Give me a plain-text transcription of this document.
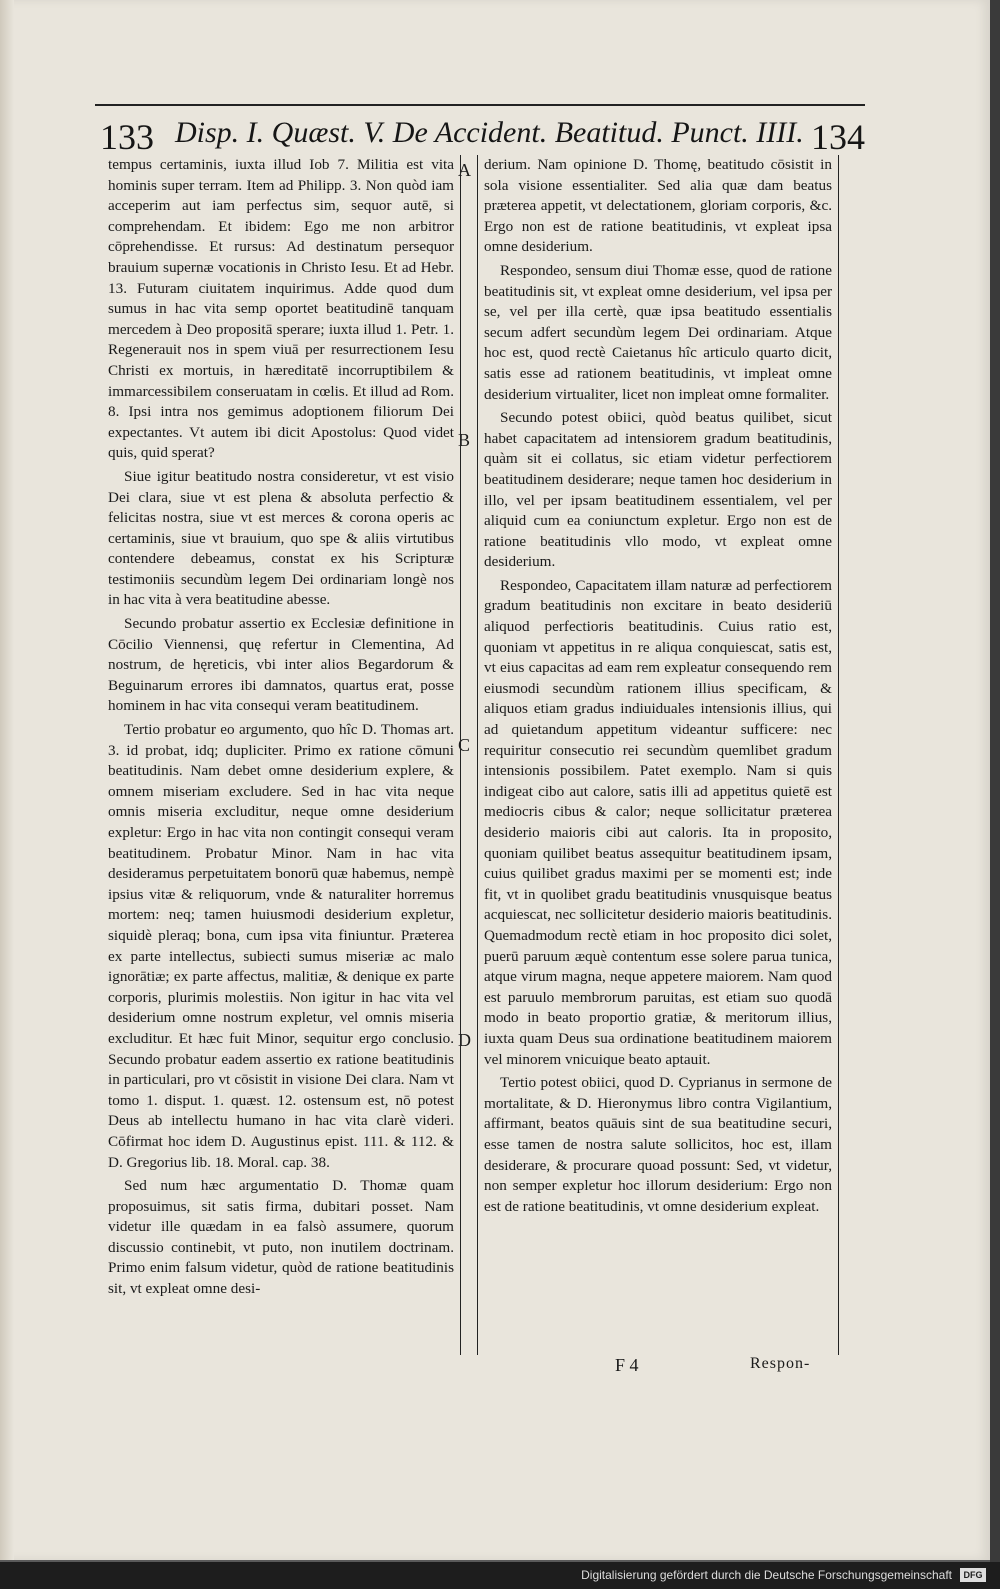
133 Disp. I. Quæst. V. De Accident. Beatitud. Punct. IIII. 134
A
B
C
D

tempus certaminis, iuxta illud Iob 7. Militia est vita hominis super terram. Item ad Philipp. 3. Non quòd iam acceperim aut iam perfectus sim, sequor autē, si comprehendam. Et ibidem: Ego me non arbitror cōprehendisse. Et rursus: Ad destinatum persequor brauium supernæ vocationis in Christo Iesu. Et ad Hebr. 13. Futuram ciuitatem inquirimus. Adde quod dum sumus in hac vita semp oportet beatitudinē tanquam mercedem à Deo propositā sperare; iuxta illud 1. Petr. 1. Regenerauit nos in spem viuā per resurrectionem Iesu Christi ex mortuis, in hæreditatē incorruptibilem & immarcessibilem conseruatam in cœlis. Et illud ad Rom. 8. Ipsi intra nos gemimus adoptionem filiorum Dei expectantes. Vt autem ibi dicit Apostolus: Quod videt quis, quid sperat?

Siue igitur beatitudo nostra consideretur, vt est visio Dei clara, siue vt est plena & absoluta perfectio & felicitas nostra, siue vt est merces & corona operis ac certaminis, siue vt brauium, quo spe & aliis virtutibus contendere debeamus, constat ex his Scripturæ testimoniis secundùm legem Dei ordinariam longè nos in hac vita à vera beatitudine abesse.

Secundo probatur assertio ex Ecclesiæ definitione in Cōcilio Viennensi, quę refertur in Clementina, Ad nostrum, de hęreticis, vbi inter alios Begardorum & Beguinarum errores ibi damnatos, quartus erat, posse hominem in hac vita consequi veram beatitudinem.

Tertio probatur eo argumento, quo hîc D. Thomas art. 3. id probat, idq; dupliciter. Primo ex ratione cōmuni beatitudinis. Nam debet omne desiderium explere, & omnem miseriam excludere. Sed in hac vita neque omnis miseria excluditur, neque omne desiderium expletur: Ergo in hac vita non contingit consequi veram beatitudinem. Probatur Minor. Nam in hac vita desideramus perpetuitatem bonorū quæ habemus, nempè ipsius vitæ & reliquorum, vnde & naturaliter horremus mortem: neq; tamen huiusmodi desiderium expletur, siquidè pleraq; bona, cum ipsa vita finiuntur. Præterea ex parte intellectus, subiecti sumus miseriæ ac malo ignorātiæ; ex parte affectus, malitiæ, & denique ex parte corporis, plurimis molestiis. Non igitur in hac vita vel desiderium omne nostrum expletur, vel omnis miseria excluditur. Et hæc fuit Minor, sequitur ergo conclusio. Secundo probatur eadem assertio ex ratione beatitudinis in particulari, pro vt cōsistit in visione Dei clara. Nam vt tomo 1. disput. 1. quæst. 12. ostensum est, nō potest Deus ab intellectu humano in hac vita clarè videri. Cōfirmat hoc idem D. Augustinus epist. 111. & 112. & D. Gregorius lib. 18. Moral. cap. 38.

Sed num hæc argumentatio D. Thomæ quam proposuimus, sit satis firma, dubitari posset. Nam videtur ille quædam in ea falsò assumere, quorum discussio continebit, vt puto, non inutilem doctrinam. Primo enim falsum videtur, quòd de ratione beatitudinis sit, vt expleat omne desi-

derium. Nam opinione D. Thomę, beatitudo cōsistit in sola visione essentialiter. Sed alia quæ dam beatus præterea appetit, vt delectationem, gloriam corporis, &c. Ergo non est de ratione beatitudinis, vt expleat ipsa omne desiderium.

Respondeo, sensum diui Thomæ esse, quod de ratione beatitudinis sit, vt expleat omne desiderium, vel ipsa per se, vel per illa certè, quæ ipsa beatitudo essentialis secum adfert secundùm legem Dei ordinariam. Atque hoc est, quod rectè Caietanus hîc articulo quarto dicit, satis esse ad rationem beatitudinis, vt impleat omne desiderium virtualiter, licet non impleat omne formaliter.

Secundo potest obiici, quòd beatus quilibet, sicut habet capacitatem ad intensiorem gradum beatitudinis, quàm sit ei collatus, sic etiam videtur perfectiorem beatitudinem desiderare; neque tamen hoc desiderium in illo, vel per ipsam beatitudinem essentialem, vel per aliquid cum ea coniunctum expletur. Ergo non est de ratione beatitudinis vllo modo, vt expleat omne desiderium.

Respondeo, Capacitatem illam naturæ ad perfectiorem gradum beatitudinis non excitare in beato desideriū aliquod perfectioris beatitudinis. Cuius ratio est, quoniam vt appetitus in re aliqua conquiescat, satis est, vt eius capacitas ad eam rem expleatur consequendo rem eiusmodi secundùm rationem illius specificam, & aliquos etiam gradus indiuiduales intensionis illius, qui ad quietandum appetitum videantur sufficere: nec requiritur consecutio rei secundùm quemlibet gradum intensionis possibilem. Patet exemplo. Nam si quis indigeat cibo aut calore, satis illi ad appetitus quietē est mediocris cibus & calor; neque sollicitatur præterea desiderio maioris cibi aut caloris. Ita in proposito, quoniam quilibet beatus assequitur beatitudinem ipsam, cuius quilibet gradus maximi per se momenti est; inde fit, vt in quolibet gradu beatitudinis vnusquisque beatus acquiescat, nec sollicitetur desiderio maioris beatitudinis. Quemadmodum rectè etiam in hoc proposito dici solet, puerū paruum æquè contentum esse solere parua tunica, atque virum magna, neque appetere maiorem. Nam quod est paruulo membrorum paruitas, est etiam suo quodā modo in beato proportio gratiæ, & meritorum illius, iuxta quam Deus sua ordinatione beatitudinem maiorem vel minorem vnicuique beato aptauit.

Tertio potest obiici, quod D. Cyprianus in sermone de mortalitate, & D. Hieronymus libro contra Vigilantium, affirmant, beatos quāuis sint de sua beatitudine securi, esse tamen de nostra salute sollicitos, hoc est, illam desiderare, & procurare quoad possunt: Sed, vt videtur, non semper expletur hoc illorum desiderium: Ergo non est de ratione beatitudinis, vt omne desiderium expleat.

F 4	Respon-
Digitalisierung gefördert durch die Deutsche Forschungsgemeinschaft	DFG
